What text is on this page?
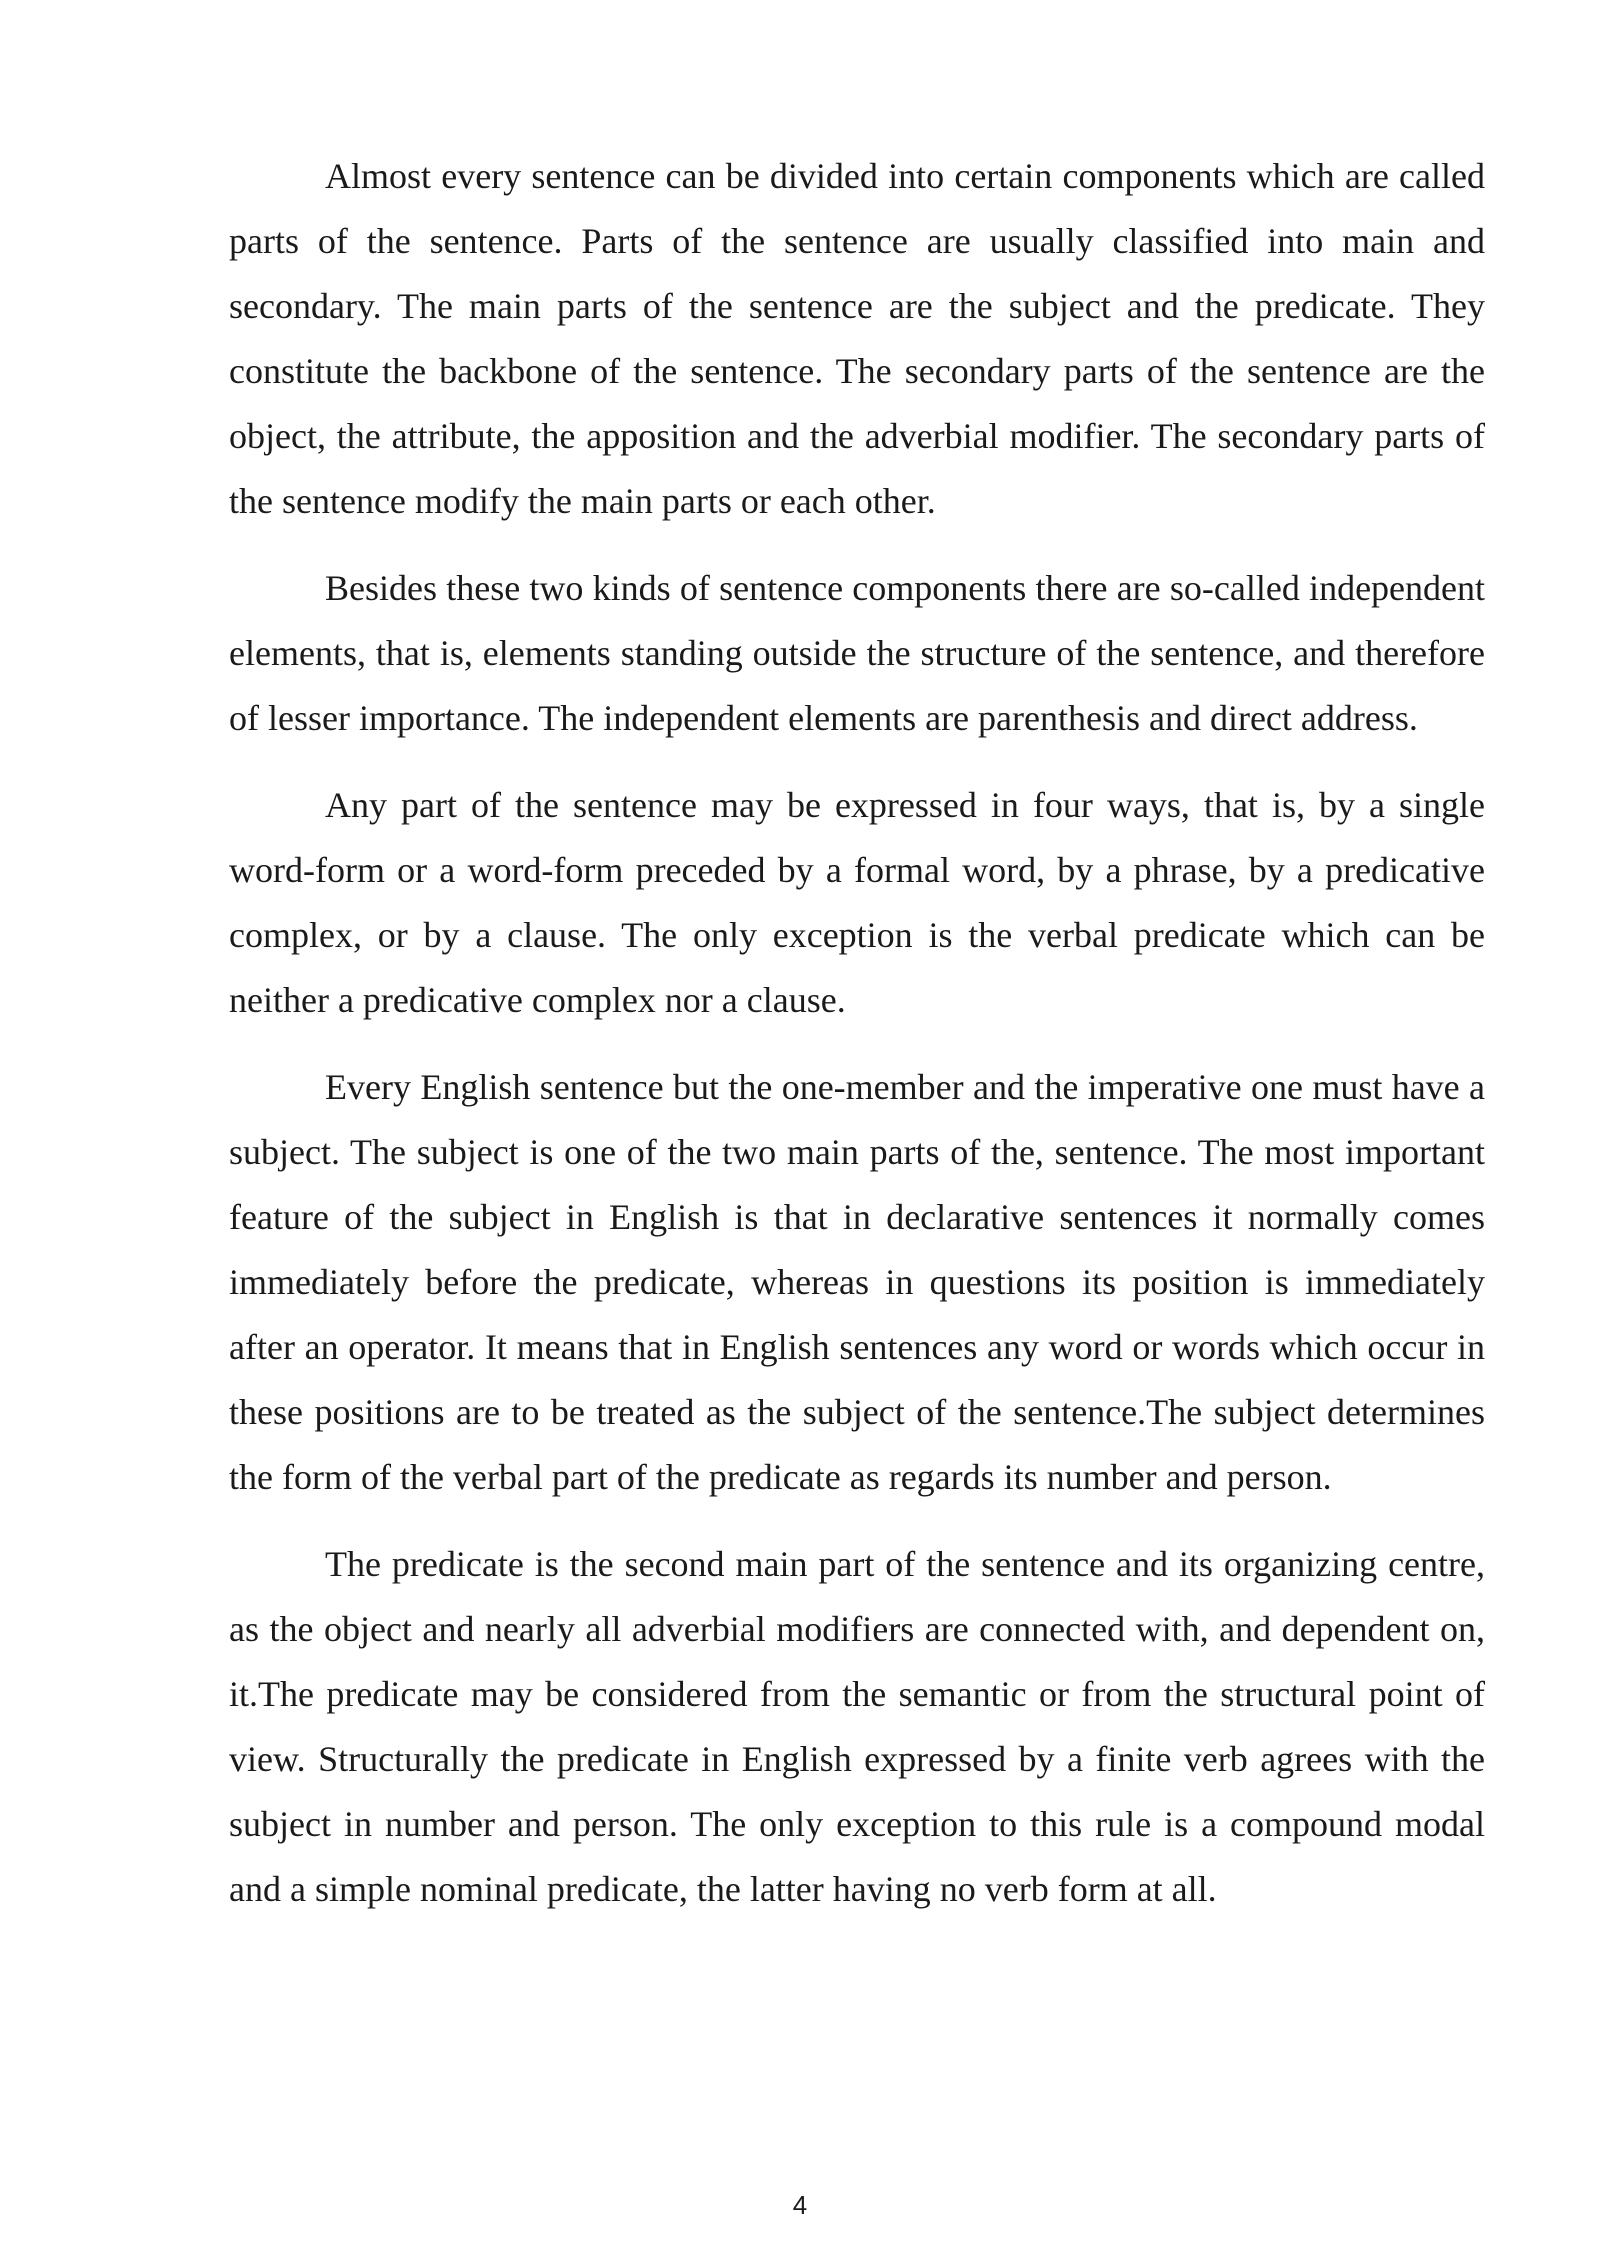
Almost every sentence can be divided into certain components which are called parts of the sentence. Parts of the sentence are usually classified into main and secondary. The main parts of the sentence are the subject and the predicate. They constitute the backbone of the sentence. The secondary parts of the sentence are the object, the attribute, the apposition and the adverbial modifier. The secondary parts of the sentence modify the main parts or each other.

Besides these two kinds of sentence components there are so-called independent elements, that is, elements standing outside the structure of the sentence, and therefore of lesser importance. The independent elements are parenthesis and direct address.

Any part of the sentence may be expressed in four ways, that is, by a single word-form or a word-form preceded by a formal word, by a phrase, by a predicative complex, or by a clause. The only exception is the verbal predicate which can be neither a predicative complex nor a clause.

Every English sentence but the one-member and the imperative one must have a subject. The subject is one of the two main parts of the, sentence. The most important feature of the subject in English is that in declarative sentences it normally comes immediately before the predicate, whereas in questions its position is immediately after an operator. It means that in English sentences any word or words which occur in these positions are to be treated as the subject of the sentence.The subject determines the form of the verbal part of the predicate as regards its number and person.

The predicate is the second main part of the sentence and its organizing centre, as the object and nearly all adverbial modifiers are connected with, and dependent on, it.The predicate may be considered from the semantic or from the structural point of view. Structurally the predicate in English expressed by a finite verb agrees with the subject in number and person. The only exception to this rule is a compound modal and a simple nominal predicate, the latter having no verb form at all.

4
